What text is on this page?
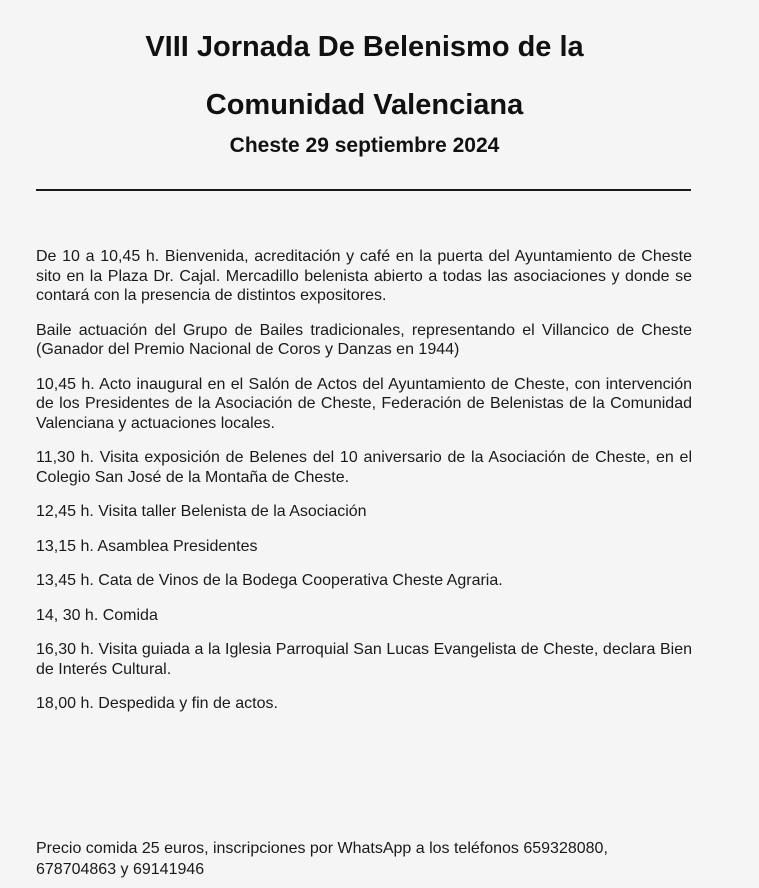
VIII Jornada De Belenismo de la
Comunidad Valenciana
Cheste 29 septiembre 2024
De 10 a 10,45 h. Bienvenida, acreditación y café en la puerta del Ayuntamiento de Cheste sito en la Plaza Dr. Cajal. Mercadillo belenista abierto a todas las asociaciones y donde se contará con la presencia de distintos expositores.
Baile actuación del Grupo de Bailes tradicionales, representando el Villancico de Cheste (Ganador del Premio Nacional de Coros y Danzas en 1944)
10,45 h. Acto inaugural en el Salón de Actos del Ayuntamiento de Cheste, con intervención de los Presidentes de la Asociación de Cheste, Federación de Belenistas de la Comunidad Valenciana y actuaciones locales.
11,30 h. Visita exposición de Belenes del 10 aniversario de la Asociación de Cheste, en el Colegio San José de la Montaña de Cheste.
12,45 h. Visita taller Belenista de la Asociación
13,15 h. Asamblea Presidentes
13,45 h. Cata de Vinos de la Bodega Cooperativa Cheste Agraria.
14, 30 h. Comida
16,30 h. Visita guiada a la Iglesia Parroquial San Lucas Evangelista de Cheste, declara Bien de Interés Cultural.
18,00 h. Despedida y fin de actos.

Precio comida 25 euros, inscripciones por WhatsApp a los teléfonos 659328080,
678704863 y 69141946
